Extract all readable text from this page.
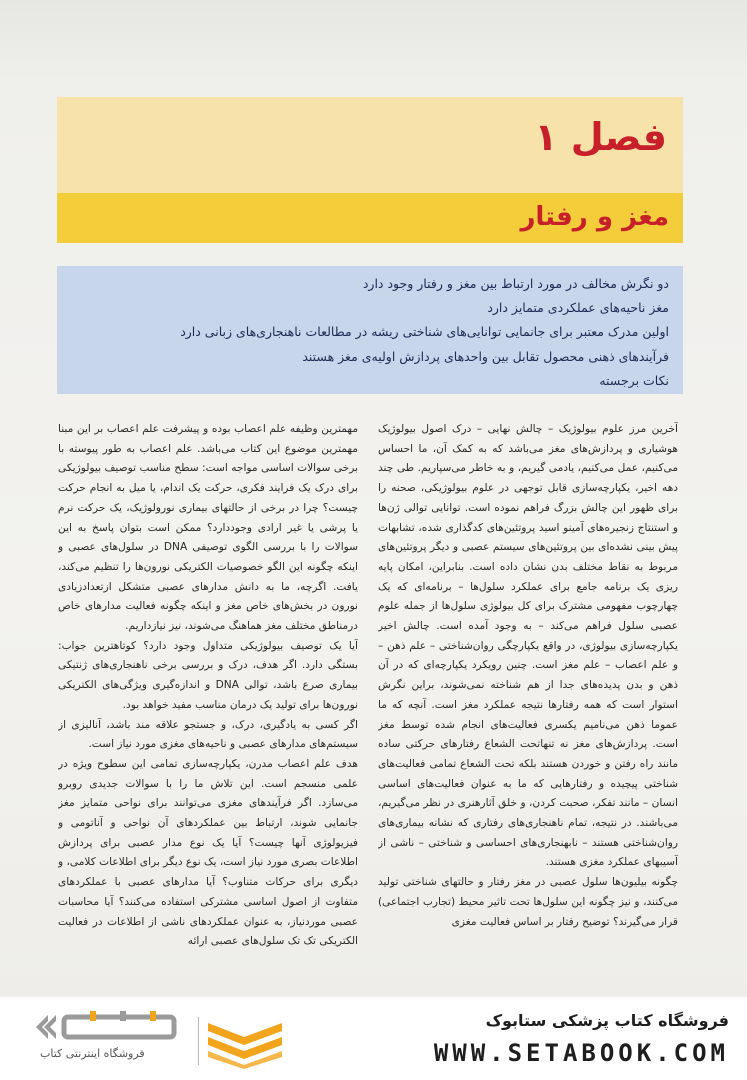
فصل ۱
مغز و رفتار
دو نگرش مخالف در مورد ارتباط بین مغز و رفتار وجود دارد
مغز ناحیه‌های عملکردی متمایز دارد
اولین مدرک معتبر برای جانمایی توانایی‌های شناختی ریشه در مطالعات ناهنجاری‌های زبانی دارد
فرآیندهای ذهنی محصول تقابل بین واحدهای پردازش اولیه‌ی مغز هستند
نکات برجسته

آخرین مرز علوم بیولوژیک – چالش نهایی – درک اصول بیولوژیک هوشیاری و پردازش‌های مغز می‌باشد که به کمک آن، ما احساس می‌کنیم، عمل می‌کنیم، یادمی گیریم، و به خاطر می‌سپاریم. طی چند دهه اخیر، یکپارچه‌سازی قابل توجهی در علوم بیولوژیکی، صحنه را برای ظهور این چالش بزرگ فراهم نموده است. توانایی توالی ژن‌ها و استنتاج زنجیره‌های آمینو اسید پروتئین‌های کدگذاری شده، تشابهات پیش بینی نشده‌ای بین پروتئین‌های سیستم عصبی و دیگر پروتئین‌های مربوط به نقاط مختلف بدن نشان داده است. بنابراین، امکان پایه ریزی یک برنامه جامع برای عملکرد سلول‌ها – برنامه‌ای که یک چهارچوب مفهومی مشترک برای کل بیولوژی سلول‌ها از جمله علوم عصبی سلول فراهم می‌کند – به وجود آمده است. چالش اخیر یکپارچه‌سازی بیولوژی، در واقع یکپارچگی روان‌شناختی – علم ذهن – و علم اعصاب – علم مغز است. چنین رویکرد یکپارچه‌ای که در آن ذهن و بدن پدیده‌های جدا از هم شناخته نمی‌شوند، براین نگرش استوار است که همه رفتارها نتیجه عملکرد مغز است. آنچه که ما عموما ذهن می‌نامیم یکسری فعالیت‌های انجام شده توسط مغز است. پردازش‌های مغز نه تنهاتحت الشعاع رفتارهای حرکتی ساده مانند راه رفتن و خوردن هستند بلکه تحت الشعاع تمامی فعالیت‌های شناختی پیچیده و رفتارهایی که ما به عنوان فعالیت‌های اساسی انسان – مانند تفکر، صحبت کردن، و خلق آثارهنری در نظر می‌گیریم، می‌باشند. در نتیجه، تمام ناهنجاری‌های رفتاری که نشانه بیماری‌های روان‌شناختی هستند – نابهنجاری‌های احساسی و شناختی – ناشی از آسیبهای عملکرد مغزی هستند.

چگونه بیلیون‌ها سلول عصبی در مغز رفتار و حالتهای شناختی تولید می‌کنند، و نیز چگونه این سلول‌ها تحت تاثیر محیط (تجارب اجتماعی) قرار می‌گیرند؟ توضیح رفتار بر اساس فعالیت مغزی

مهمترین وظیفه علم اعصاب بوده و پیشرفت علم اعصاب بر این مبنا مهمترین موضوع این کتاب می‌باشد. علم اعصاب به طور پیوسته با برخی سوالات اساسی مواجه است: سطح مناسب توصیف بیولوژیکی برای درک یک فرایند فکری، حرکت یک اندام، یا میل به انجام حرکت چیست؟ چرا در برخی از حالتهای بیماری نورولوژیک، یک حرکت نرم یا پرشی یا غیر ارادی وجوددارد؟ ممکن است بتوان پاسخ به این سوالات را با بررسی الگوی توصیفی DNA در سلول‌های عصبی و اینکه چگونه این الگو خصوصیات الکتریکی نورون‌ها را تنظیم می‌کند، یافت. اگرچه، ما به دانش مدارهای عصبی متشکل ازتعدادزیادی نورون در بخش‌های خاص مغز و اینکه چگونه فعالیت مدارهای خاص درمناطق مختلف مغز هماهنگ می‌شوند، نیز نیازداریم.

آیا یک توصیف بیولوژیکی متداول وجود دارد؟ کوتاهترین جواب: بستگی دارد. اگر هدف، درک و بررسی برخی ناهنجاری‌های ژنتیکی بیماری صرع باشد، توالی DNA و اندازه‌گیری ویژگی‌های الکتریکی نورون‌ها برای تولید یک درمان مناسب مفید خواهد بود.

اگر کسی به یادگیری، درک، و جستجو علاقه مند باشد، آنالیزی از سیستم‌های مدارهای عصبی و ناحیه‌های مغزی مورد نیاز است.

هدف علم اعصاب مدرن، یکپارچه‌سازی تمامی این سطوح ویژه در علمی منسجم است. این تلاش ما را با سوالات جدیدی روبرو می‌سازد. اگر فرآیندهای مغزی می‌توانند برای نواحی متمایز مغز جانمایی شوند، ارتباط بین عملکردهای آن نواحی و آناتومی و فیزیولوژی آنها چیست؟ آیا یک نوع مدار عصبی برای پردازش اطلاعات بصری مورد نیاز است، یک نوع دیگر برای اطلاعات کلامی، و دیگری برای حرکات متناوب؟ آیا مدارهای عصبی با عملکردهای متفاوت از اصول اساسی مشترکی استفاده می‌کنند؟ آیا محاسبات عصبی موردنیاز، به عنوان عملکردهای ناشی از اطلاعات در فعالیت الکتریکی تک تک سلول‌های عصبی ارائه

فروشگاه اینترنتی کتاب
فروشگاه کتاب پزشکی ستابوک
WWW.SETABOOK.COM
